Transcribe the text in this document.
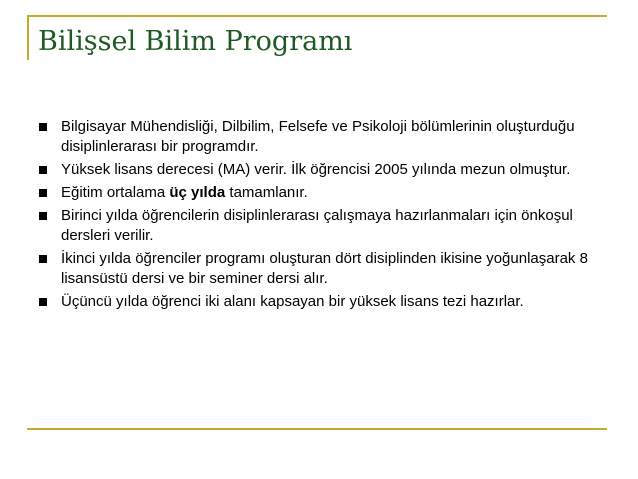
Bilişsel Bilim Programı
Bilgisayar Mühendisliği, Dilbilim, Felsefe ve Psikoloji bölümlerinin oluşturduğu disiplinlerarası bir programdır.
Yüksek lisans derecesi (MA) verir. İlk öğrencisi 2005 yılında mezun olmuştur.
Eğitim ortalama üç yılda tamamlanır.
Birinci yılda öğrencilerin disiplinlerarası çalışmaya hazırlanmaları için önkoşul dersleri verilir.
İkinci yılda öğrenciler programı oluşturan dört disiplinden ikisine yoğunlaşarak 8 lisansüstü dersi ve bir seminer dersi alır.
Üçüncü yılda öğrenci iki alanı kapsayan bir yüksek lisans tezi hazırlar.
